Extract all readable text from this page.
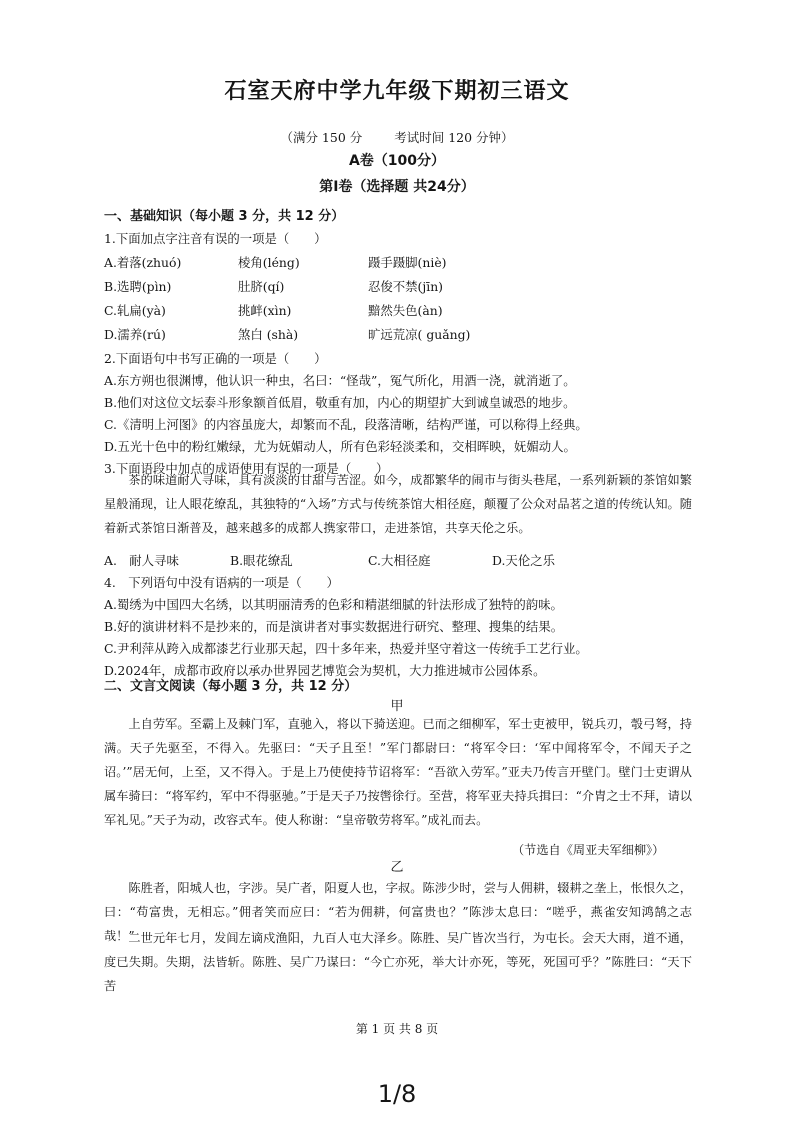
石室天府中学九年级下期初三语文
（满分 150 分	考试时间 120 分钟）
A卷（100分）
第Ⅰ卷（选择题 共24分）
一、基础知识（每小题 3 分，共 12 分）
1.下面加点字注音有误的一项是（　　）
A.着落(zhuó)	棱角(léng)	蹑手蹑脚(niè)
B.选聘(pìn)	肚脐(qí)	忍俊不禁(jīn)
C.轧扁(yà)	挑衅(xìn)	黯然失色(àn)
D.濡养(rú)	煞白 (shà)	旷远荒凉( guǎng)
2.下面语句中书写正确的一项是（　　）
A.东方朔也很渊博，他认识一种虫，名曰：“怪哉”，冤气所化，用酒一浇，就消逝了。
B.他们对这位文坛泰斗形象额首低眉，敬重有加，内心的期望扩大到诚皇诚恐的地步。
C.《清明上河图》的内容虽庞大，却繁而不乱，段落清晰，结构严谨，可以称得上经典。
D.五光十色中的粉红嫩绿，尤为妩媚动人，所有色彩轻淡柔和，交相晖映，妩媚动人。
3.下面语段中加点的成语使用有误的一项是（　　）
茶的味道耐人寻味，具有淡淡的甘甜与苦涩。如今，成都繁华的闹市与街头巷尾，一系列新颖的茶馆如繁星般涌现，让人眼花缭乱，其独特的“入场”方式与传统茶馆大相径庭，颠覆了公众对品茗之道的传统认知。随着新式茶馆日渐普及，越来越多的成都人携家带口，走进茶馆，共享天伦之乐。
A.　耐人寻味	B.眼花缭乱	C.大相径庭	D.天伦之乐
4.　下列语句中没有语病的一项是（　　）
A.蜀绣为中国四大名绣，以其明丽清秀的色彩和精湛细腻的针法形成了独特的韵味。
B.好的演讲材料不是抄来的，而是演讲者对事实数据进行研究、整理、搜集的结果。
C.尹利萍从跨入成都漆艺行业那天起，四十多年来，热爱并坚守着这一传统手工艺行业。
D.2024年，成都市政府以承办世界园艺博览会为契机，大力推进城市公园体系。
二、文言文阅读（每小题 3 分，共 12 分）
甲
上自劳军。至霸上及棘门军，直驰入，将以下骑送迎。已而之细柳军，军士吏被甲，锐兵刃，彀弓弩，持满。天子先驱至，不得入。先驱曰：“天子且至！”军门都尉曰：“将军令曰：‘军中闻将军令，不闻天子之诏。’”居无何，上至，又不得入。于是上乃使使持节诏将军：“吾欲入劳军。”亚夫乃传言开壁门。壁门士吏谓从属车骑曰：“将军约，军中不得驱驰。”于是天子乃按辔徐行。至营，将军亚夫持兵揖曰：“介胄之士不拜，请以军礼见。”天子为动，改容式车。使人称谢：“皇帝敬劳将军。”成礼而去。
（节选自《周亚夫军细柳》）
乙
陈胜者，阳城人也，字涉。吴广者，阳夏人也，字叔。陈涉少时，尝与人佣耕，辍耕之垄上，怅恨久之，曰：“苟富贵，无相忘。”佣者笑而应曰：“若为佣耕，何富贵也？”陈涉太息曰：“嗟乎，燕雀安知鸿鹄之志哉！”
二世元年七月，发闾左谪戍渔阳，九百人屯大泽乡。陈胜、吴广皆次当行，为屯长。会天大雨，道不通，度已失期。失期，法皆斩。陈胜、吴广乃谋曰：“今亡亦死，举大计亦死，等死，死国可乎？”陈胜曰：“天下苦
第 1 页 共 8 页
1/8
